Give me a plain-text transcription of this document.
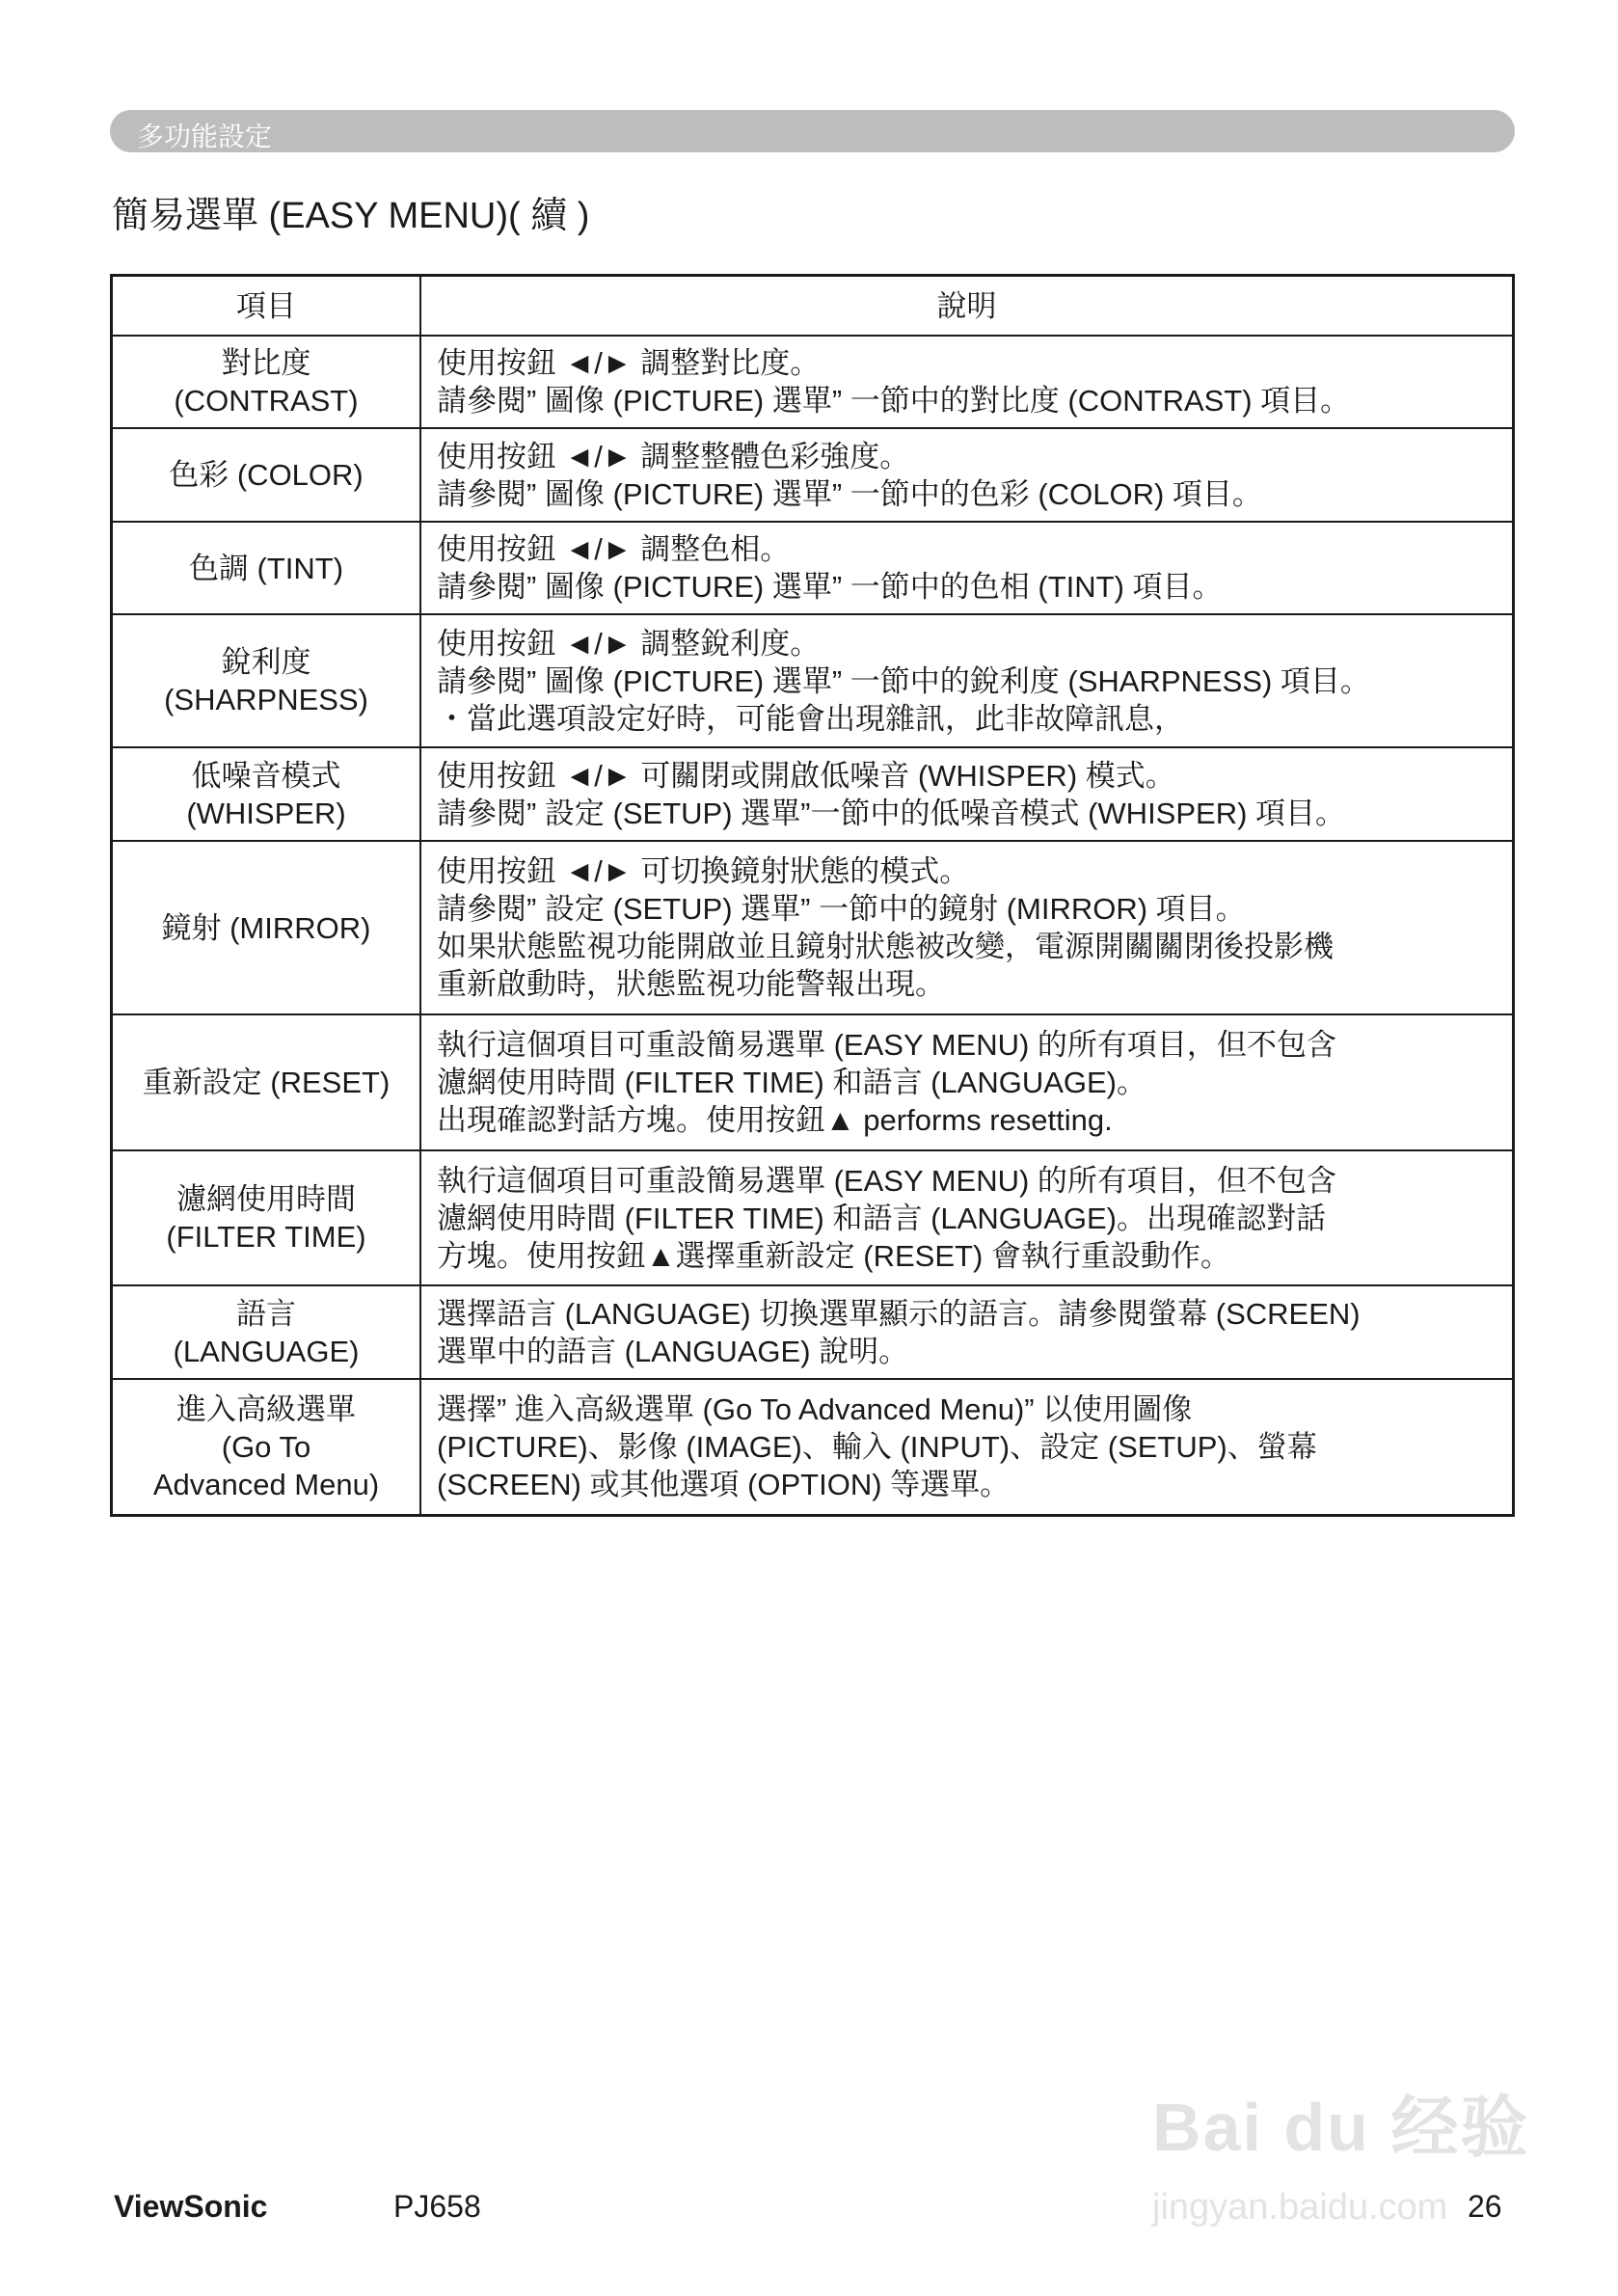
多功能設定
簡易選單 (EASY MENU)( 續 )
項目	說明

對比度
(CONTRAST)	使用按鈕 ◄/► 調整對比度。
請參閱” 圖像 (PICTURE) 選單” 一節中的對比度 (CONTRAST) 項目。

色彩 (COLOR)	使用按鈕 ◄/► 調整整體色彩強度。
請參閱” 圖像 (PICTURE) 選單” 一節中的色彩 (COLOR) 項目。

色調 (TINT)	使用按鈕 ◄/► 調整色相。
請參閱” 圖像 (PICTURE) 選單” 一節中的色相 (TINT) 項目。

銳利度
(SHARPNESS)	使用按鈕 ◄/► 調整銳利度。
請參閱” 圖像 (PICTURE) 選單” 一節中的銳利度 (SHARPNESS) 項目。
・當此選項設定好時，可能會出現雜訊，此非故障訊息，

低噪音模式
(WHISPER)	使用按鈕 ◄/► 可關閉或開啟低噪音 (WHISPER) 模式。
請參閱” 設定 (SETUP) 選單”一節中的低噪音模式 (WHISPER) 項目。

鏡射 (MIRROR)	使用按鈕 ◄/► 可切換鏡射狀態的模式。
請參閱” 設定 (SETUP) 選單” 一節中的鏡射 (MIRROR) 項目。
如果狀態監視功能開啟並且鏡射狀態被改變，電源開關關閉後投影機
重新啟動時，狀態監視功能警報出現。

重新設定 (RESET)	執行這個項目可重設簡易選單 (EASY MENU) 的所有項目，但不包含
濾網使用時間 (FILTER TIME) 和語言 (LANGUAGE)。
出現確認對話方塊。使用按鈕▲ performs resetting.

濾網使用時間
(FILTER TIME)	執行這個項目可重設簡易選單 (EASY MENU) 的所有項目，但不包含
濾網使用時間 (FILTER TIME) 和語言 (LANGUAGE)。出現確認對話
方塊。使用按鈕▲選擇重新設定 (RESET) 會執行重設動作。

語言
(LANGUAGE)	選擇語言 (LANGUAGE) 切換選單顯示的語言。請參閱螢幕 (SCREEN)
選單中的語言 (LANGUAGE) 說明。

進入高級選單
(Go To
Advanced Menu)	選擇” 進入高級選單 (Go To Advanced Menu)” 以使用圖像
(PICTURE)、影像 (IMAGE)、輸入 (INPUT)、設定 (SETUP)、螢幕
(SCREEN) 或其他選項 (OPTION) 等選單。
Bai du 经验
jingyan.baidu.com
ViewSonic	PJ658	26
